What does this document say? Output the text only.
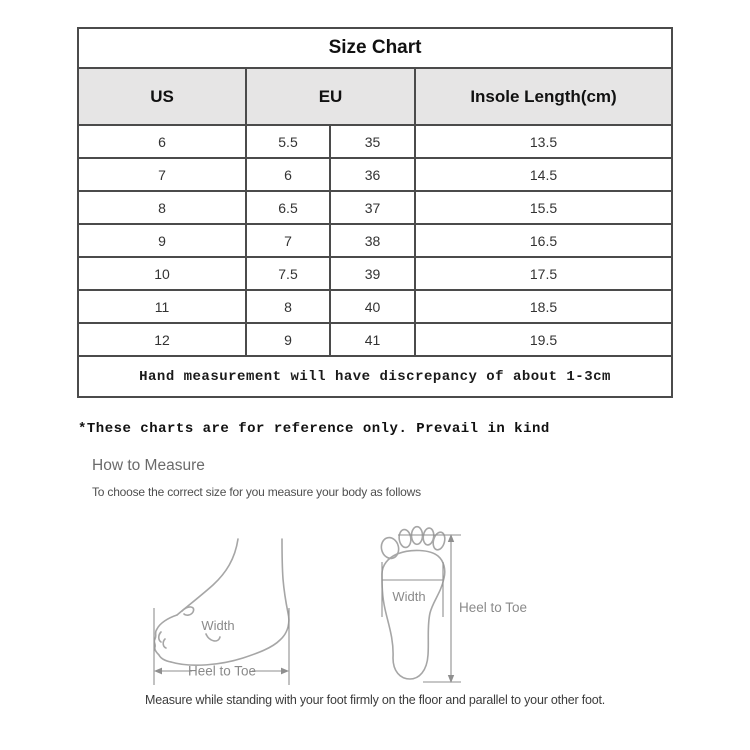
Size Chart			
US	EU		Insole Length(cm)
6	5.5	35	13.5
7	6	36	14.5
8	6.5	37	15.5
9	7	38	16.5
10	7.5	39	17.5
11	8	40	18.5
12	9	41	19.5
Hand measurement will have discrepancy of about 1-3cm			
*These charts are for reference only. Prevail in kind
How to Measure
To choose the correct size for you measure your body as follows
Width
Heel to Toe
Width
Heel to Toe
Measure while standing with your foot firmly on the floor and parallel to your other foot.
